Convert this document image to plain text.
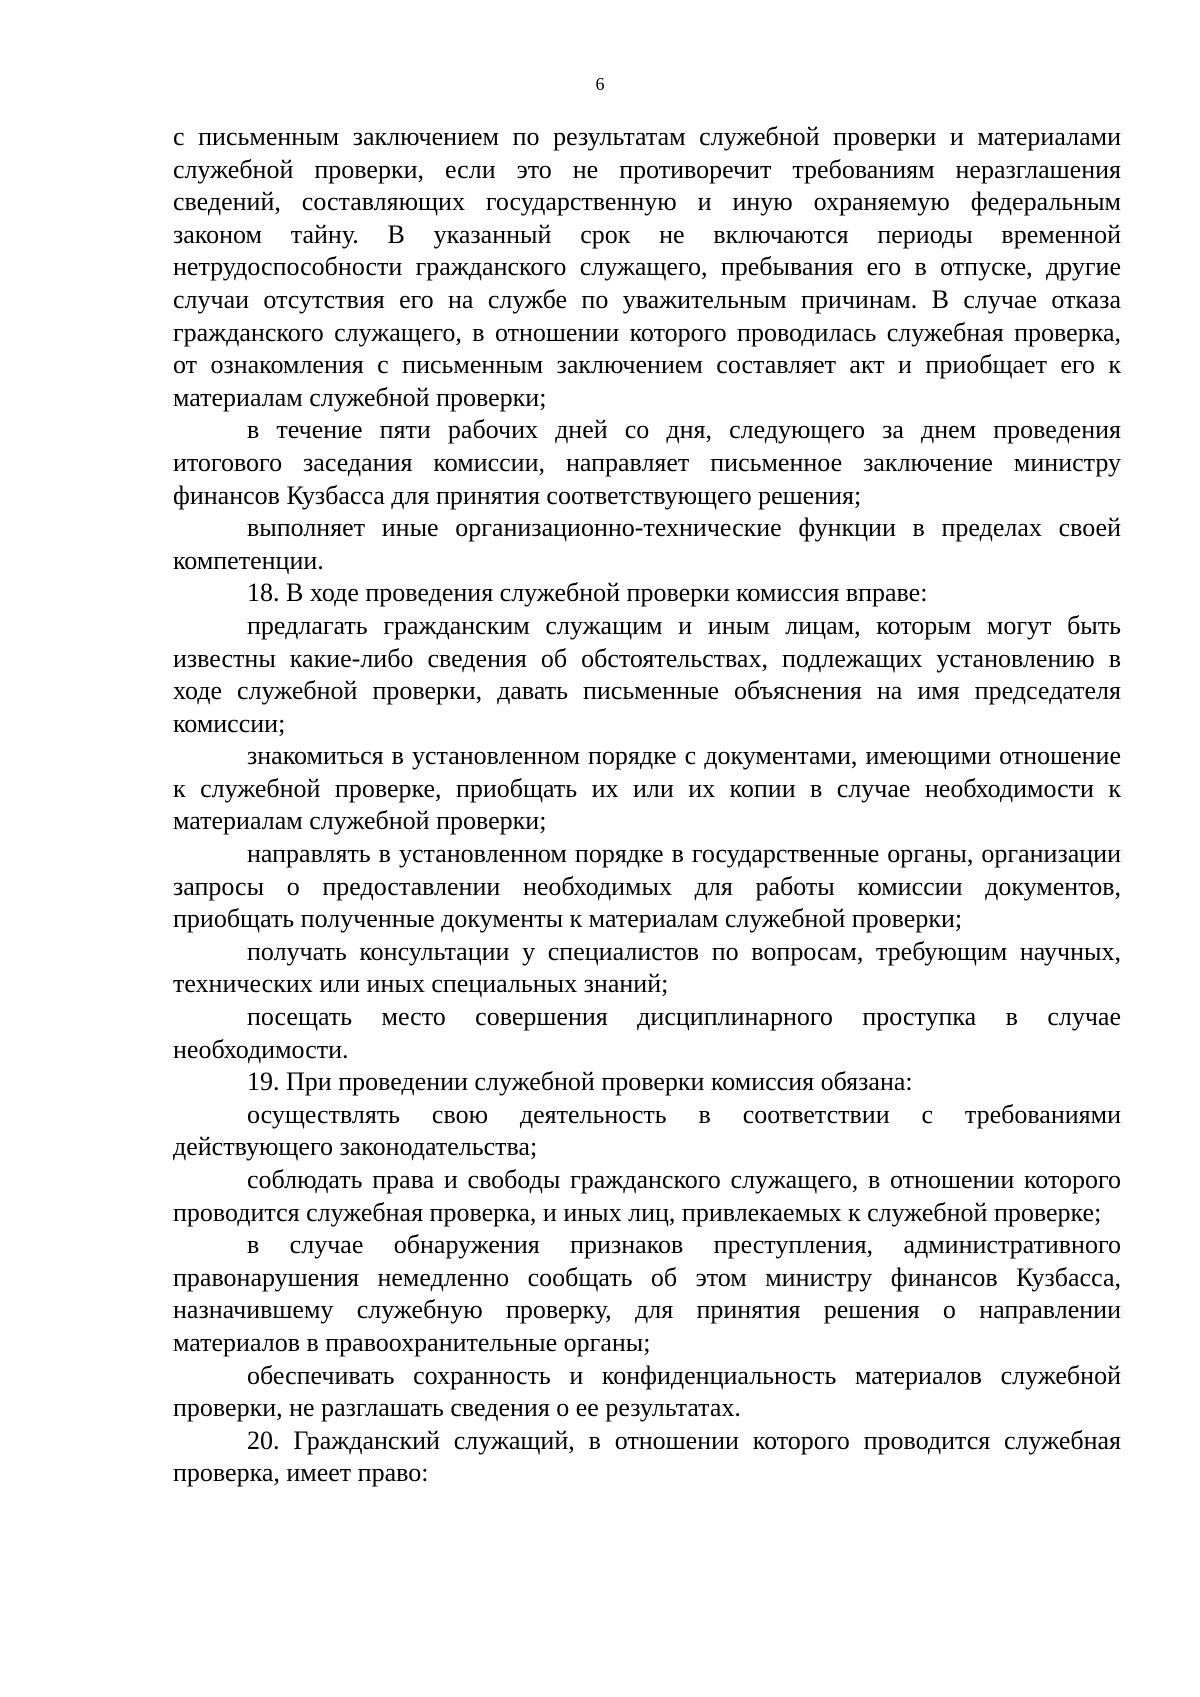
6

с письменным заключением по результатам служебной проверки и материалами служебной проверки, если это не противоречит требованиям неразглашения сведений, составляющих государственную и иную охраняемую федеральным законом тайну. В указанный срок не включаются периоды временной нетрудоспособности гражданского служащего, пребывания его в отпуске, другие случаи отсутствия его на службе по уважительным причинам. В случае отказа гражданского служащего, в отношении которого проводилась служебная проверка, от ознакомления с письменным заключением составляет акт и приобщает его к материалам служебной проверки;

в течение пяти рабочих дней со дня, следующего за днем проведения итогового заседания комиссии, направляет письменное заключение министру финансов Кузбасса для принятия соответствующего решения;

выполняет иные организационно-технические функции в пределах своей компетенции.

18. В ходе проведения служебной проверки комиссия вправе:

предлагать гражданским служащим и иным лицам, которым могут быть известны какие-либо сведения об обстоятельствах, подлежащих установлению в ходе служебной проверки, давать письменные объяснения на имя председателя комиссии;

знакомиться в установленном порядке с документами, имеющими отношение к служебной проверке, приобщать их или их копии в случае необходимости к материалам служебной проверки;

направлять в установленном порядке в государственные органы, организации запросы о предоставлении необходимых для работы комиссии документов, приобщать полученные документы к материалам служебной проверки;

получать консультации у специалистов по вопросам, требующим научных, технических или иных специальных знаний;

посещать место совершения дисциплинарного проступка в случае необходимости.

19. При проведении служебной проверки комиссия обязана:

осуществлять свою деятельность в соответствии с требованиями действующего законодательства;

соблюдать права и свободы гражданского служащего, в отношении которого проводится служебная проверка, и иных лиц, привлекаемых к служебной проверке;

в случае обнаружения признаков преступления, административного правонарушения немедленно сообщать об этом министру финансов Кузбасса, назначившему служебную проверку, для принятия решения о направлении материалов в правоохранительные органы;

обеспечивать сохранность и конфиденциальность материалов служебной проверки, не разглашать сведения о ее результатах.

20. Гражданский служащий, в отношении которого проводится служебная проверка, имеет право:
